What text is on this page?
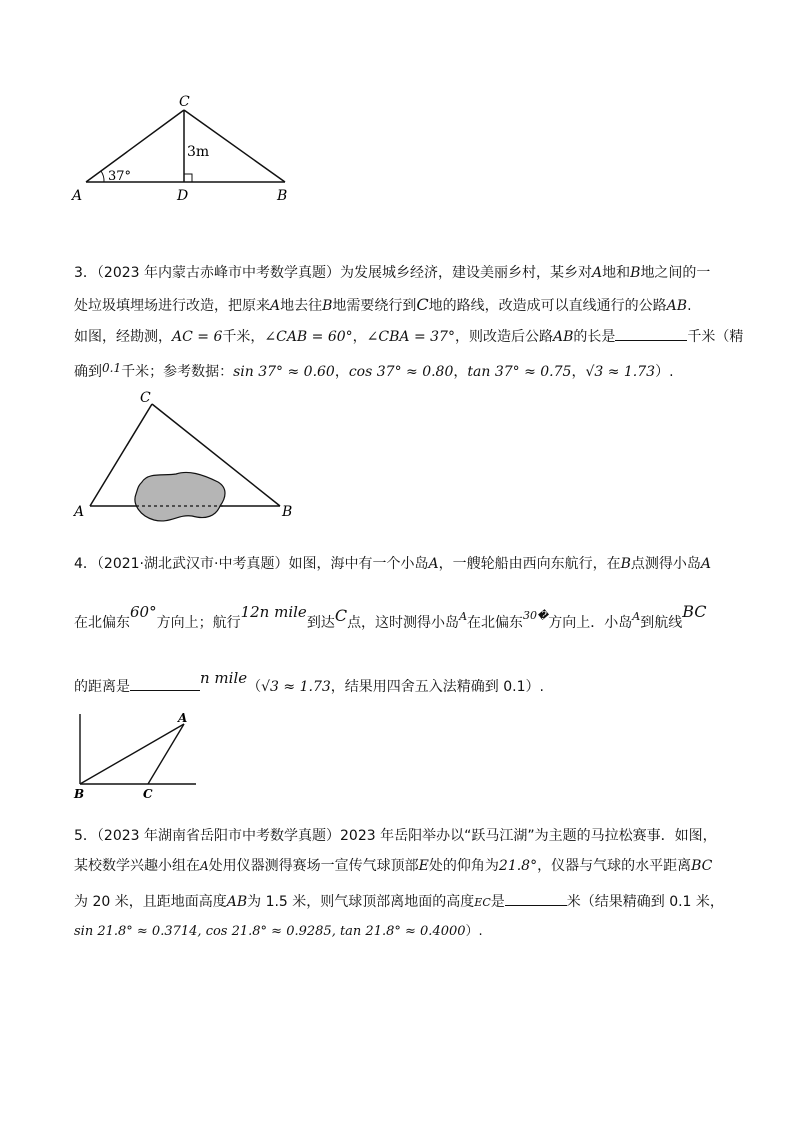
C
A	D	B
3m
37°
3．（2023 年内蒙古赤峰市中考数学真题）为发展城乡经济，建设美丽乡村，某乡对A地和B地之间的一
处垃圾填埋场进行改造，把原来A地去往B地需要绕行到C地的路线，改造成可以直线通行的公路AB.
如图，经勘测，AC = 6千米，∠CAB = 60°，∠CBA = 37°，则改造后公路AB的长是	千米（精
确到0.1千米；参考数据：sin 37° ≈ 0.60，cos 37° ≈ 0.80，tan 37° ≈ 0.75，√3 ≈ 1.73）.
C
A	B
4．（2021·湖北武汉市·中考真题）如图，海中有一个小岛A，一艘轮船由西向东航行，在B点测得小岛A
在北偏东60°方向上；航行12n mile到达C点，这时测得小岛$^A$在北偏东$^{30�}$方向上．小岛$^A$到航线BC
的距离是	n mile（√3 ≈ 1.73，结果用四舍五入法精确到 0.1）.
A
B	C
5．（2023 年湖南省岳阳市中考数学真题）2023 年岳阳举办以“跃马江湖”为主题的马拉松赛事．如图，
某校数学兴趣小组在A处用仪器测得赛场一宣传气球顶部E处的仰角为21.8°，仪器与气球的水平距离BC
为 20 米，且距地面高度AB为 1.5 米，则气球顶部离地面的高度EC是	米（结果精确到 0.1 米，
sin 21.8° ≈ 0.3714, cos 21.8° ≈ 0.9285, tan 21.8° ≈ 0.4000）.
